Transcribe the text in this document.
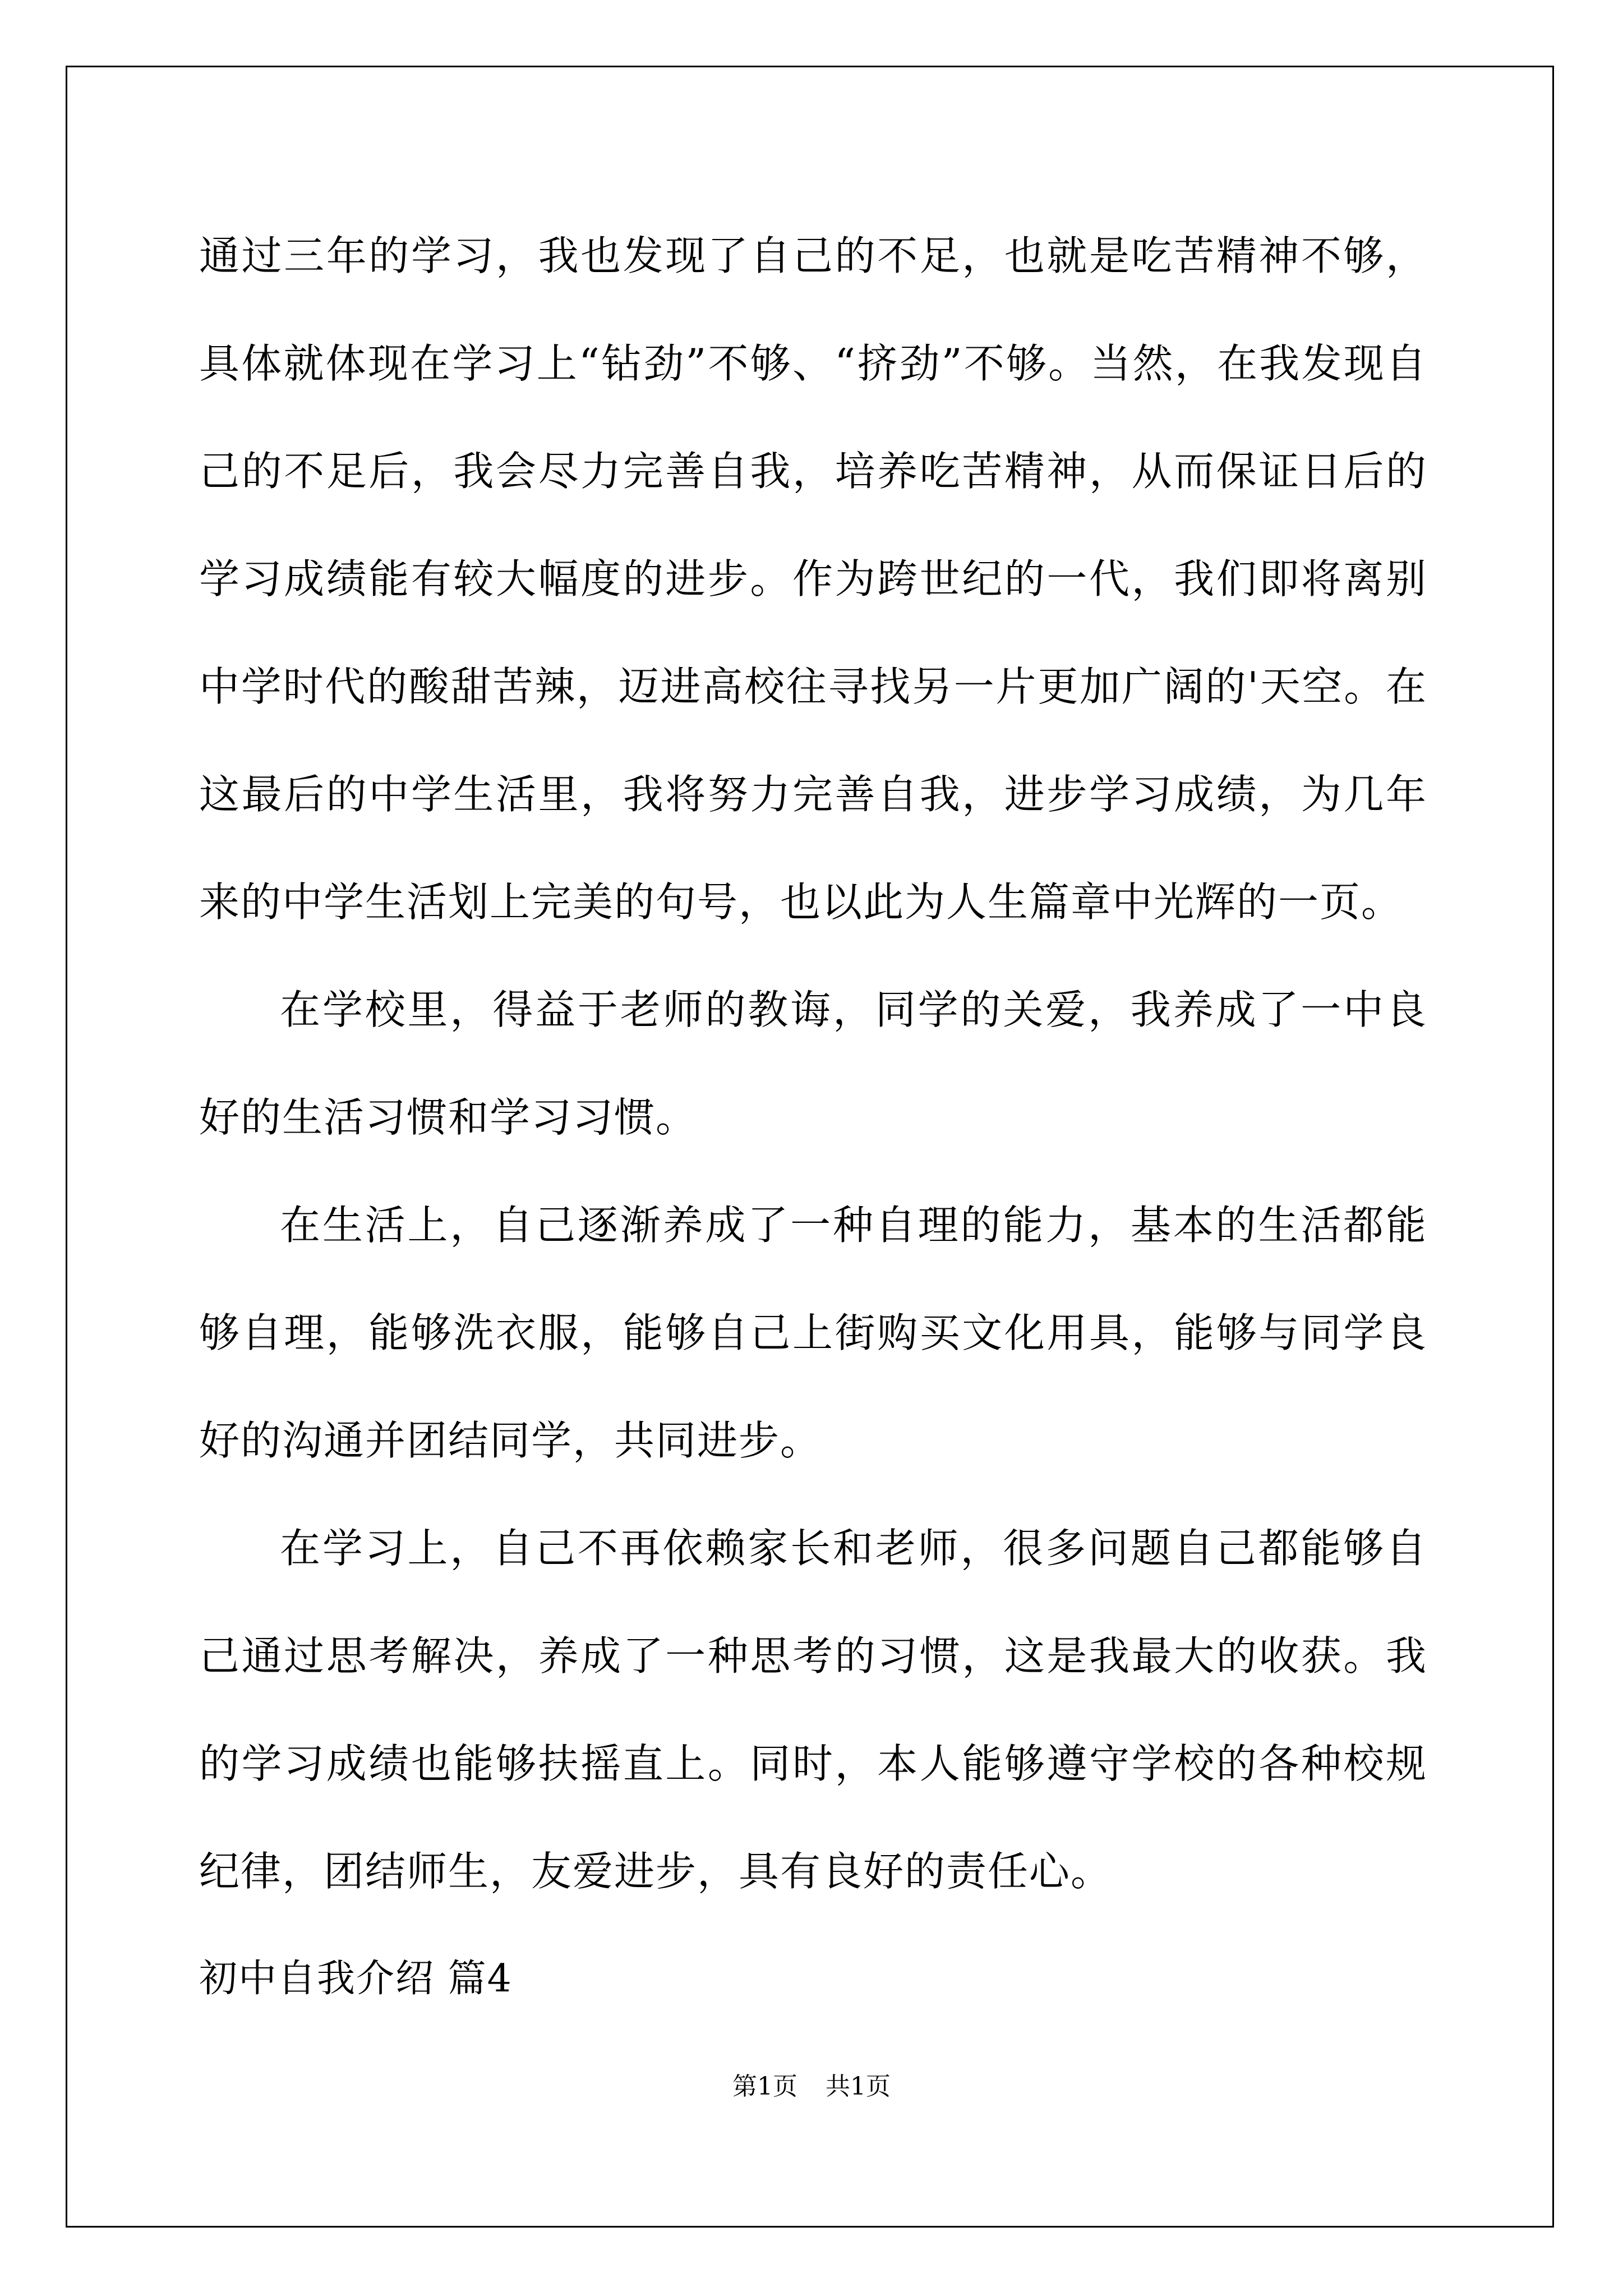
通过三年的学习，我也发现了自己的不足，也就是吃苦精神不够，具体就体现在学习上“钻劲”不够、“挤劲”不够。当然，在我发现自己的不足后，我会尽力完善自我，培养吃苦精神，从而保证日后的学习成绩能有较大幅度的进步。作为跨世纪的一代，我们即将离别中学时代的酸甜苦辣，迈进高校往寻找另一片更加广阔的'天空。在这最后的中学生活里，我将努力完善自我，进步学习成绩，为几年来的中学生活划上完美的句号，也以此为人生篇章中光辉的一页。

在学校里，得益于老师的教诲，同学的关爱，我养成了一中良好的生活习惯和学习习惯。

在生活上，自己逐渐养成了一种自理的能力，基本的生活都能够自理，能够洗衣服，能够自己上街购买文化用具，能够与同学良好的沟通并团结同学，共同进步。

在学习上，自己不再依赖家长和老师，很多问题自己都能够自己通过思考解决，养成了一种思考的习惯，这是我最大的收获。我的学习成绩也能够扶摇直上。同时，本人能够遵守学校的各种校规纪律，团结师生，友爱进步，具有良好的责任心。

初中自我介绍 篇4
第1页 共1页
